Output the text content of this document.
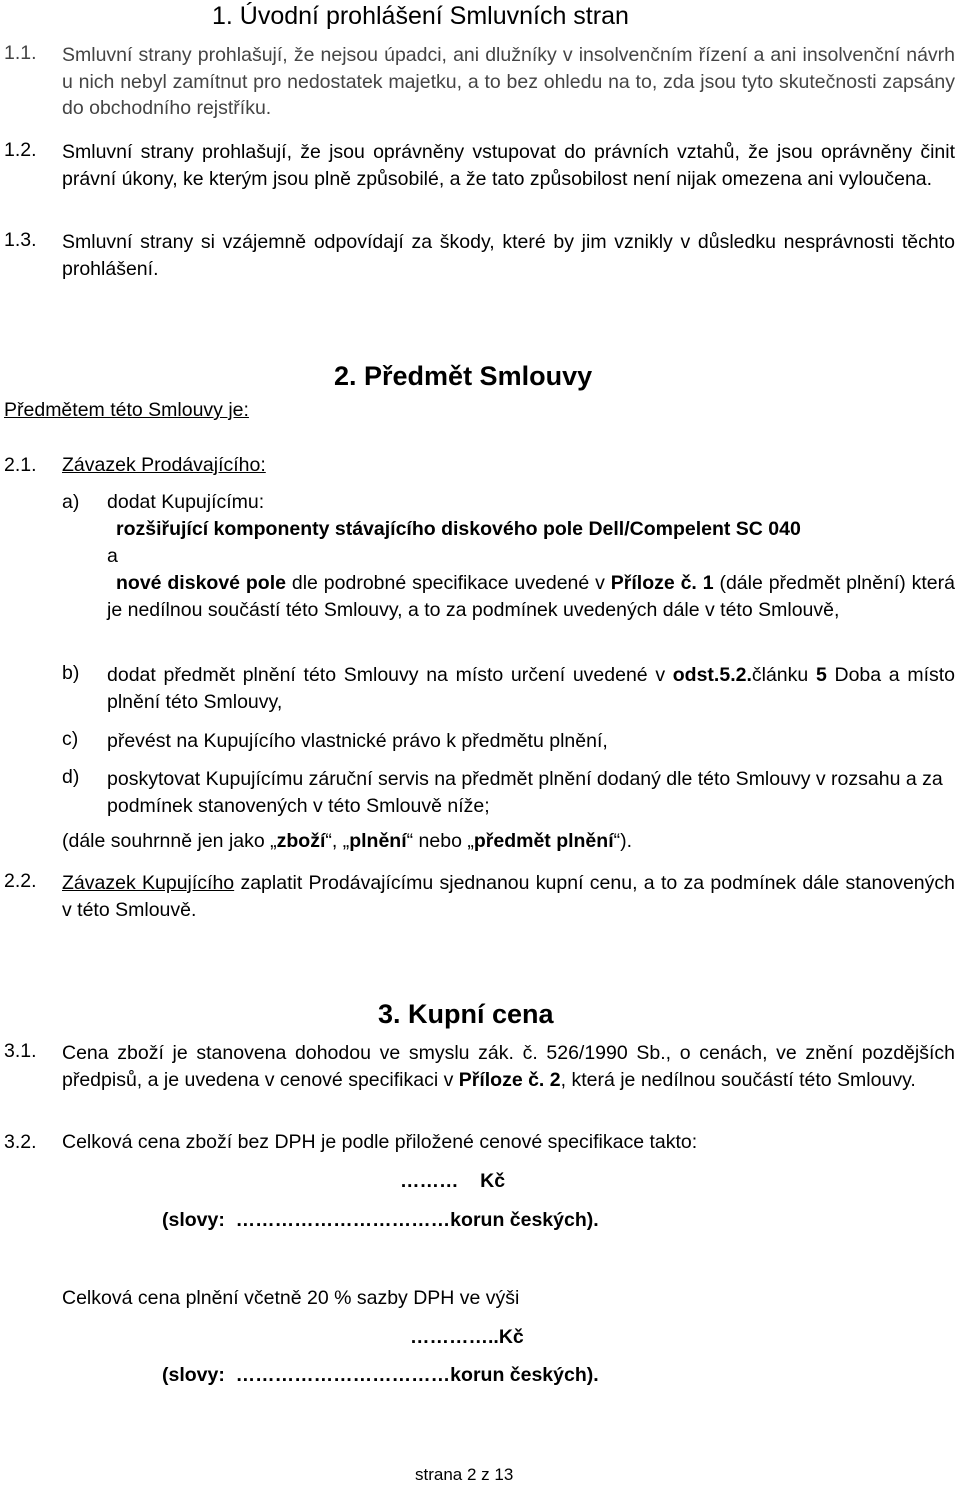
1. Úvodní prohlášení Smluvních stran
1.1. Smluvní strany prohlašují, že nejsou úpadci, ani dlužníky v insolvenčním řízení a ani insolvenční návrh u nich nebyl zamítnut pro nedostatek majetku, a to bez ohledu na to, zda jsou tyto skutečnosti zapsány do obchodního rejstříku.
1.2. Smluvní strany prohlašují, že jsou oprávněny vstupovat do právních vztahů, že jsou oprávněny činit právní úkony, ke kterým jsou plně způsobilé, a že tato způsobilost není nijak omezena ani vyloučena.
1.3. Smluvní strany si vzájemně odpovídají za škody, které by jim vznikly v důsledku nesprávnosti těchto prohlášení.
2. Předmět Smlouvy
Předmětem této Smlouvy je:
2.1. Závazek Prodávajícího:
a) dodat Kupujícímu:
rozšiřující komponenty stávajícího diskového pole Dell/Compelent SC 040
a
nové diskové pole dle podrobné specifikace uvedené v Příloze č. 1 (dále předmět plnění) která je nedílnou součástí této Smlouvy, a to za podmínek uvedených dále v této Smlouvě,
b) dodat předmět plnění této Smlouvy na místo určení uvedené v odst.5.2.článku 5 Doba a místo plnění této Smlouvy,
c) převést na Kupujícího vlastnické právo k předmětu plnění,
d) poskytovat Kupujícímu záruční servis na předmět plnění dodaný dle této Smlouvy v rozsahu a za podmínek stanovených v této Smlouvě níže;
(dále souhrnně jen jako „zboží“, „plnění“ nebo „předmět plnění“).
2.2. Závazek Kupujícího zaplatit Prodávajícímu sjednanou kupní cenu, a to za podmínek dále stanovených v této Smlouvě.
3. Kupní cena
3.1. Cena zboží je stanovena dohodou ve smyslu zák. č. 526/1990 Sb., o cenách, ve znění pozdějších předpisů, a je uvedena v cenové specifikaci v Příloze č. 2, která je nedílnou součástí této Smlouvy.
3.2. Celková cena zboží bez DPH je podle přiložené cenové specifikace takto:
………    Kč
(slovy:  ……………………………korun českých).
Celková cena plnění včetně 20 % sazby DPH ve výši
…………..Kč
(slovy:  ……………………………korun českých).
strana 2 z 13
